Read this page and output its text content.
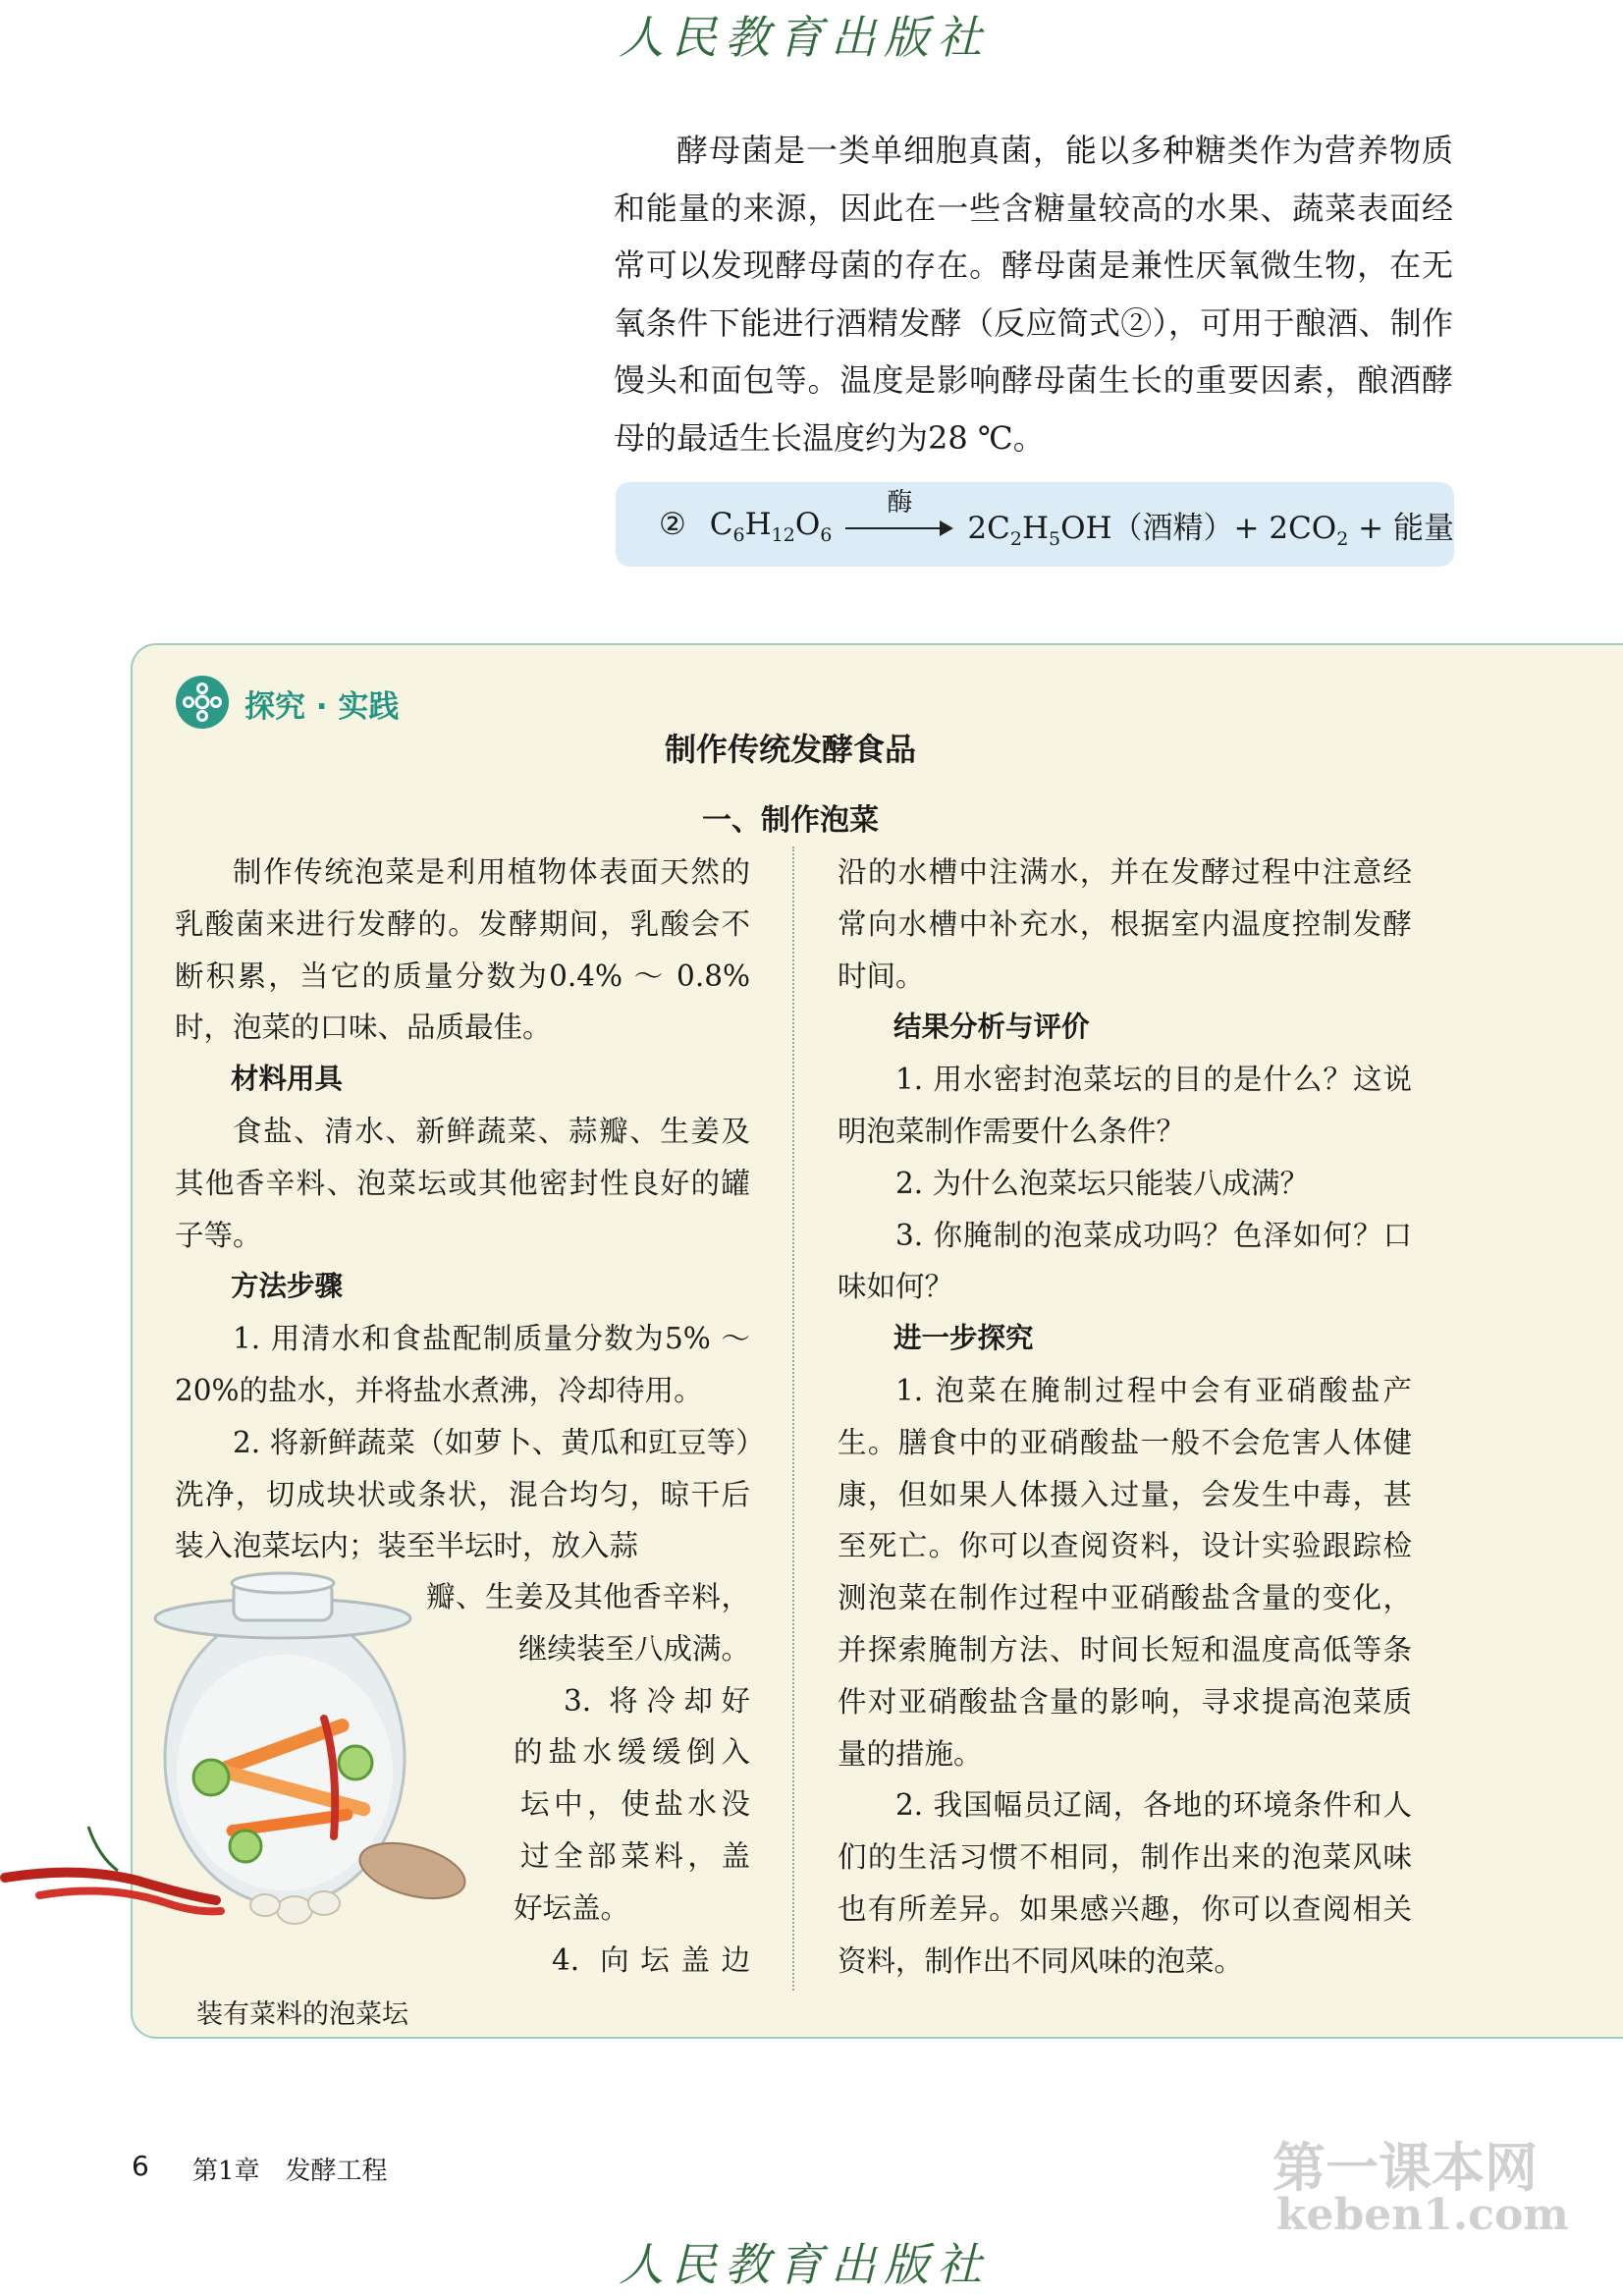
人民教育出版社

酵母菌是一类单细胞真菌，能以多种糖类作为营养物质和能量的来源，因此在一些含糖量较高的水果、蔬菜表面经常可以发现酵母菌的存在。酵母菌是兼性厌氧微生物，在无氧条件下能进行酒精发酵（反应简式②），可用于酿酒、制作馒头和面包等。温度是影响酵母菌生长的重要因素，酿酒酵母的最适生长温度约为28 ℃。

② $C_6H_{12}O_6$
酶
$2C_2H_5OH$（酒精）+ $2CO_2$ + 能量
探究 · 实践
制作传统发酵食品
一、制作泡菜

制作传统泡菜是利用植物体表面天然的乳酸菌来进行发酵的。发酵期间，乳酸会不断积累，当它的质量分数为0.4% ～ 0.8%时，泡菜的口味、品质最佳。

材料用具

食盐、清水、新鲜蔬菜、蒜瓣、生姜及其他香辛料、泡菜坛或其他密封性良好的罐子等。

方法步骤

1. 用清水和食盐配制质量分数为5% ～ 20%的盐水，并将盐水煮沸，冷却待用。

2. 将新鲜蔬菜（如萝卜、黄瓜和豇豆等）洗净，切成块状或条状，混合均匀，晾干后装入泡菜坛内；装至半坛时，放入蒜

瓣、生姜及其他香辛料，
继续装至八成满。
3. 将冷却好
的盐水缓缓倒入
坛中，使盐水没
过全部菜料，盖
好坛盖。
4. 向坛盖边
装有菜料的泡菜坛

沿的水槽中注满水，并在发酵过程中注意经常向水槽中补充水，根据室内温度控制发酵时间。

结果分析与评价

1. 用水密封泡菜坛的目的是什么？这说明泡菜制作需要什么条件？

2. 为什么泡菜坛只能装八成满？

3. 你腌制的泡菜成功吗？色泽如何？口味如何？

进一步探究

1. 泡菜在腌制过程中会有亚硝酸盐产生。膳食中的亚硝酸盐一般不会危害人体健康，但如果人体摄入过量，会发生中毒，甚至死亡。你可以查阅资料，设计实验跟踪检测泡菜在制作过程中亚硝酸盐含量的变化，并探索腌制方法、时间长短和温度高低等条件对亚硝酸盐含量的影响，寻求提高泡菜质量的措施。

2. 我国幅员辽阔，各地的环境条件和人们的生活习惯不相同，制作出来的泡菜风味也有所差异。如果感兴趣，你可以查阅相关资料，制作出不同风味的泡菜。

6 第1章　发酵工程	第一课本网
keben1.com
人民教育出版社
